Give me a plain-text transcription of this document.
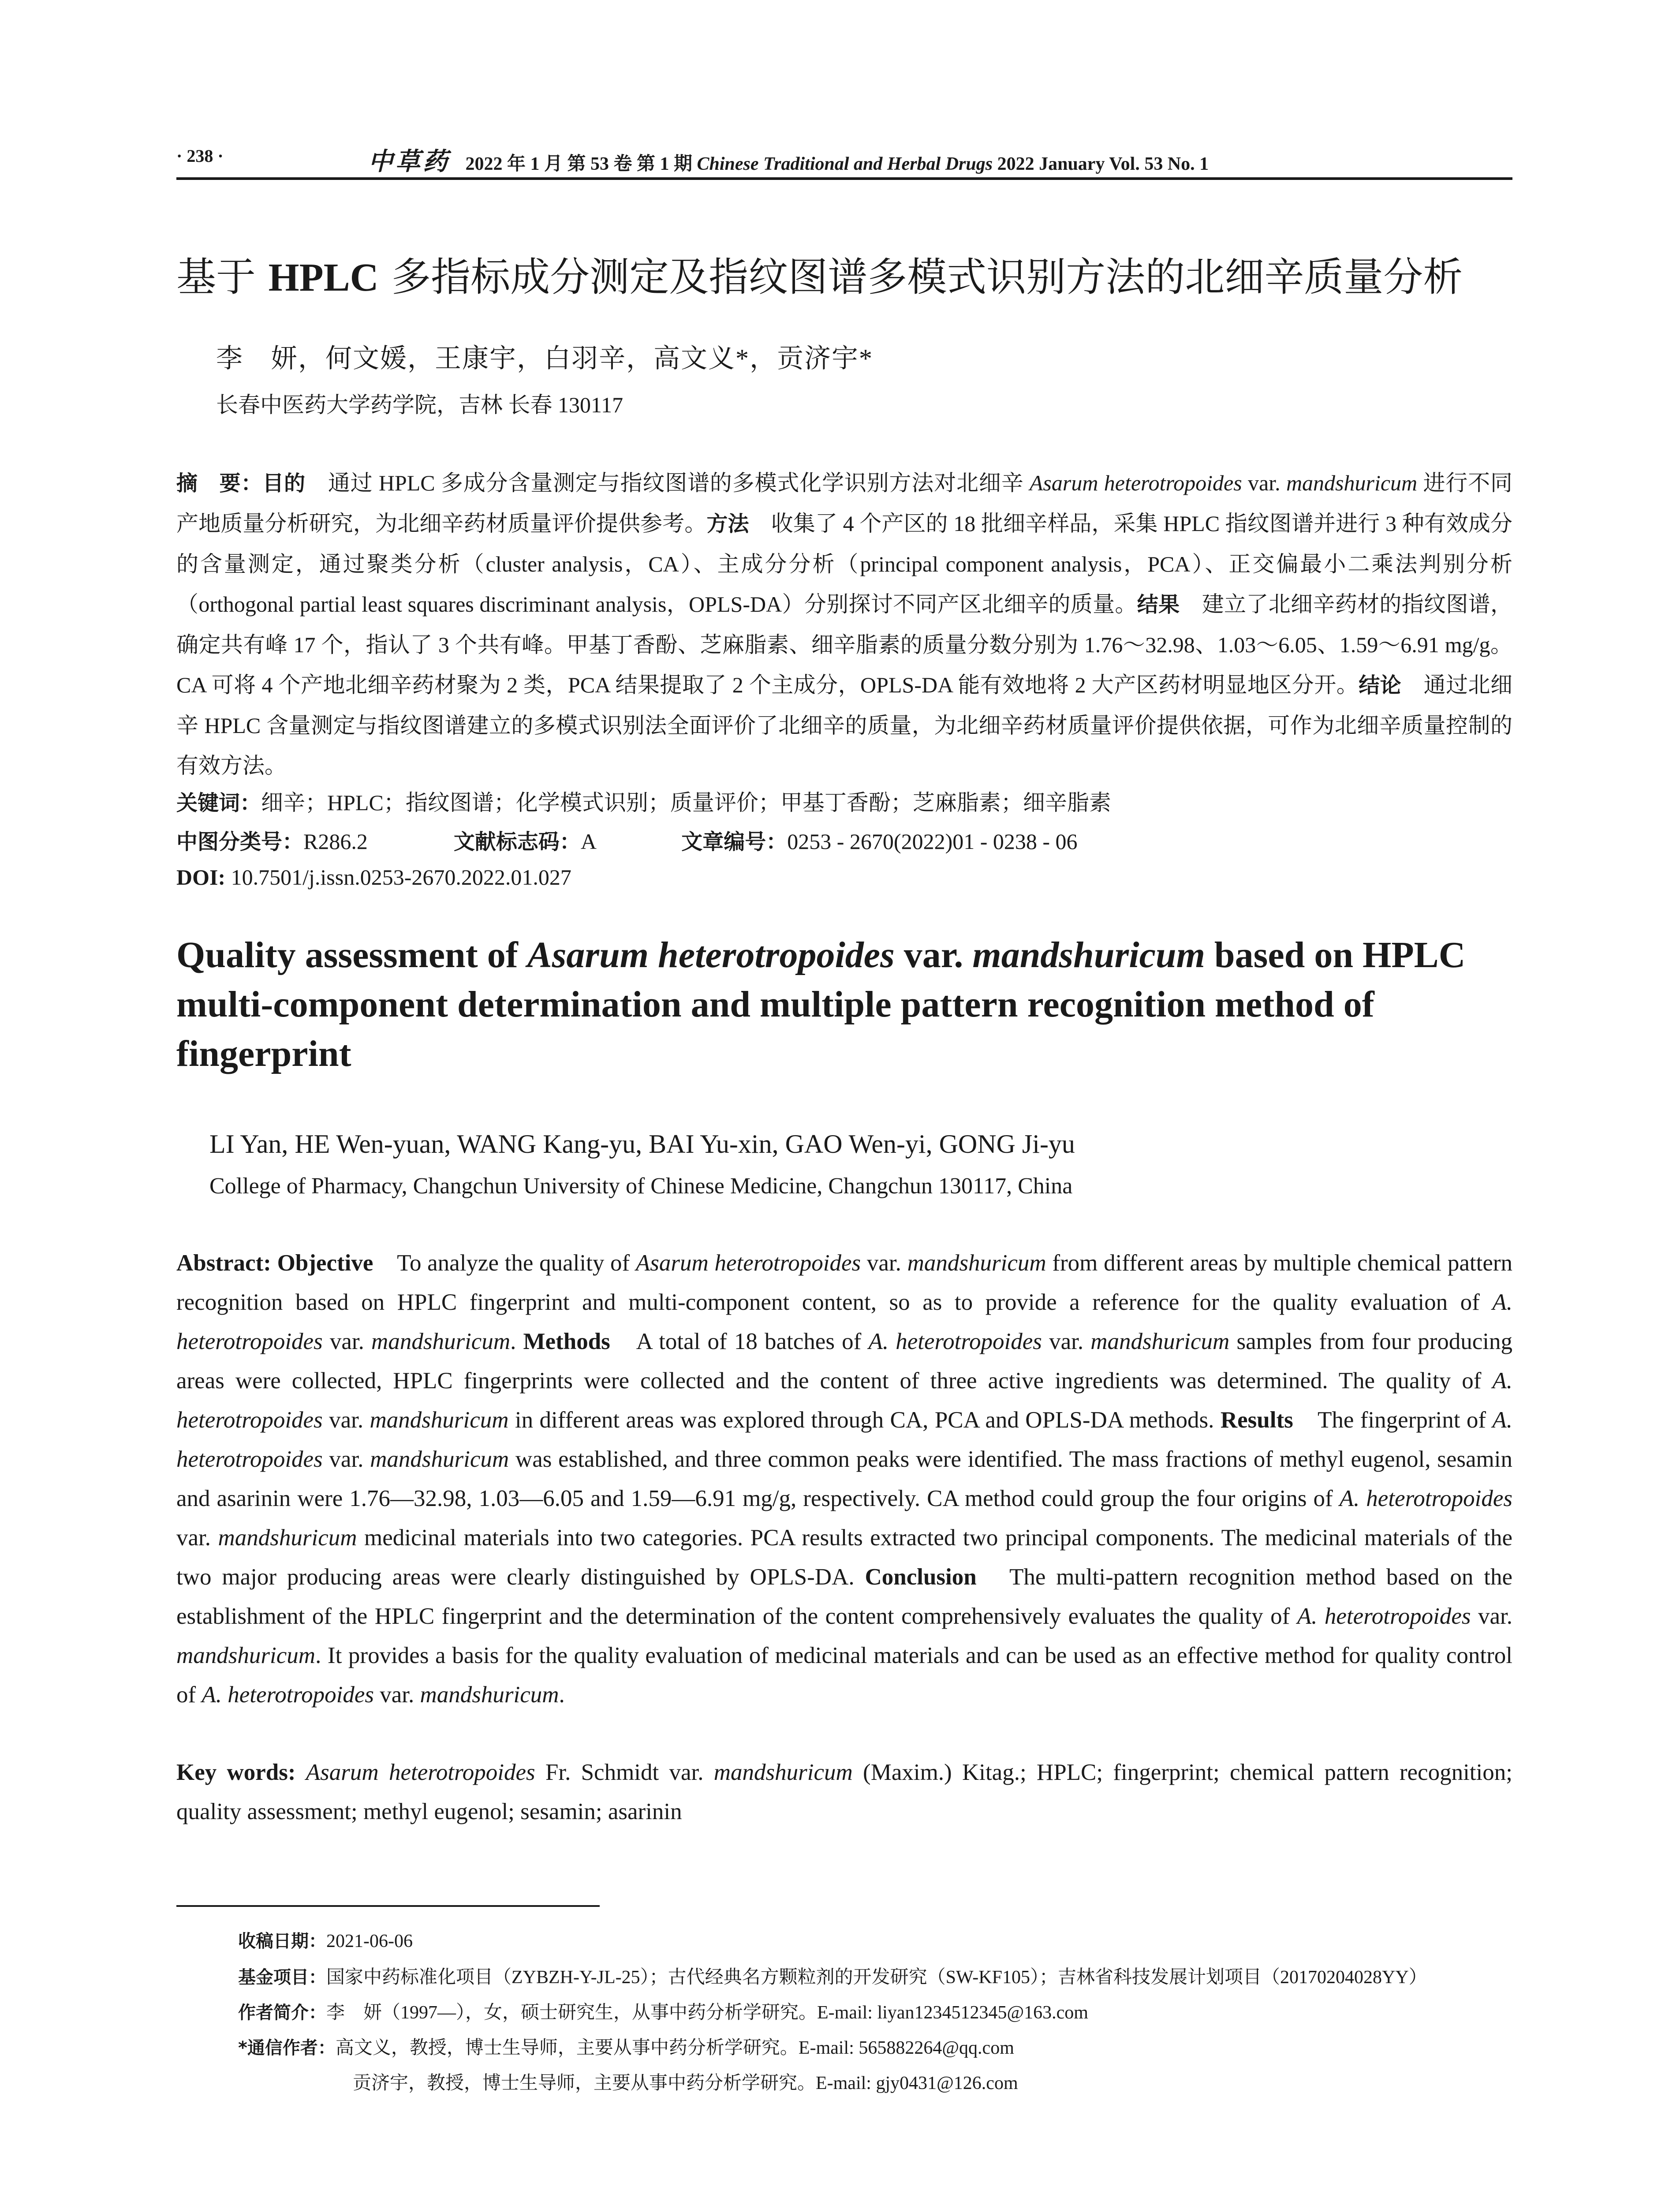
· 238 ·	中草药 2022 年 1 月 第 53 卷 第 1 期 Chinese Traditional and Herbal Drugs 2022 January Vol. 53 No. 1
基于 HPLC 多指标成分测定及指纹图谱多模式识别方法的北细辛质量分析
李　妍，何文媛，王康宇，白羽辛，高文义*，贡济宇*
长春中医药大学药学院，吉林 长春 130117
摘　要：目的　通过 HPLC 多成分含量测定与指纹图谱的多模式化学识别方法对北细辛 Asarum heterotropoides var. mandshuricum 进行不同产地质量分析研究，为北细辛药材质量评价提供参考。方法　收集了 4 个产区的 18 批细辛样品，采集 HPLC 指纹图谱并进行 3 种有效成分的含量测定，通过聚类分析（cluster analysis，CA）、主成分分析（principal component analysis，PCA）、正交偏最小二乘法判别分析（orthogonal partial least squares discriminant analysis，OPLS-DA）分别探讨不同产区北细辛的质量。结果　建立了北细辛药材的指纹图谱，确定共有峰 17 个，指认了 3 个共有峰。甲基丁香酚、芝麻脂素、细辛脂素的质量分数分别为 1.76～32.98、1.03～6.05、1.59～6.91 mg/g。CA 可将 4 个产地北细辛药材聚为 2 类，PCA 结果提取了 2 个主成分，OPLS-DA 能有效地将 2 大产区药材明显地区分开。结论　通过北细辛 HPLC 含量测定与指纹图谱建立的多模式识别法全面评价了北细辛的质量，为北细辛药材质量评价提供依据，可作为北细辛质量控制的有效方法。
关键词：细辛；HPLC；指纹图谱；化学模式识别；质量评价；甲基丁香酚；芝麻脂素；细辛脂素
中图分类号：R286.2	文献标志码：A	文章编号：0253 - 2670(2022)01 - 0238 - 06
DOI: 10.7501/j.issn.0253-2670.2022.01.027
Quality assessment of Asarum heterotropoides var. mandshuricum based on HPLC multi-component determination and multiple pattern recognition method of fingerprint
LI Yan, HE Wen-yuan, WANG Kang-yu, BAI Yu-xin, GAO Wen-yi, GONG Ji-yu
College of Pharmacy, Changchun University of Chinese Medicine, Changchun 130117, China
Abstract: Objective　To analyze the quality of Asarum heterotropoides var. mandshuricum from different areas by multiple chemical pattern recognition based on HPLC fingerprint and multi-component content, so as to provide a reference for the quality evaluation of A. heterotropoides var. mandshuricum. Methods　A total of 18 batches of A. heterotropoides var. mandshuricum samples from four producing areas were collected, HPLC fingerprints were collected and the content of three active ingredients was determined. The quality of A. heterotropoides var. mandshuricum in different areas was explored through CA, PCA and OPLS-DA methods. Results　The fingerprint of A. heterotropoides var. mandshuricum was established, and three common peaks were identified. The mass fractions of methyl eugenol, sesamin and asarinin were 1.76—32.98, 1.03—6.05 and 1.59—6.91 mg/g, respectively. CA method could group the four origins of A. heterotropoides var. mandshuricum medicinal materials into two categories. PCA results extracted two principal components. The medicinal materials of the two major producing areas were clearly distinguished by OPLS-DA. Conclusion　The multi-pattern recognition method based on the establishment of the HPLC fingerprint and the determination of the content comprehensively evaluates the quality of A. heterotropoides var. mandshuricum. It provides a basis for the quality evaluation of medicinal materials and can be used as an effective method for quality control of A. heterotropoides var. mandshuricum.
Key words: Asarum heterotropoides Fr. Schmidt var. mandshuricum (Maxim.) Kitag.; HPLC; fingerprint; chemical pattern recognition; quality assessment; methyl eugenol; sesamin; asarinin
收稿日期：2021-06-06
基金项目：国家中药标准化项目（ZYBZH-Y-JL-25）；古代经典名方颗粒剂的开发研究（SW-KF105）；吉林省科技发展计划项目（20170204028YY）
作者简介：李　妍（1997—），女，硕士研究生，从事中药分析学研究。E-mail: liyan1234512345@163.com
*通信作者：高文义，教授，博士生导师，主要从事中药分析学研究。E-mail: 565882264@qq.com
贡济宇，教授，博士生导师，主要从事中药分析学研究。E-mail: gjy0431@126.com
